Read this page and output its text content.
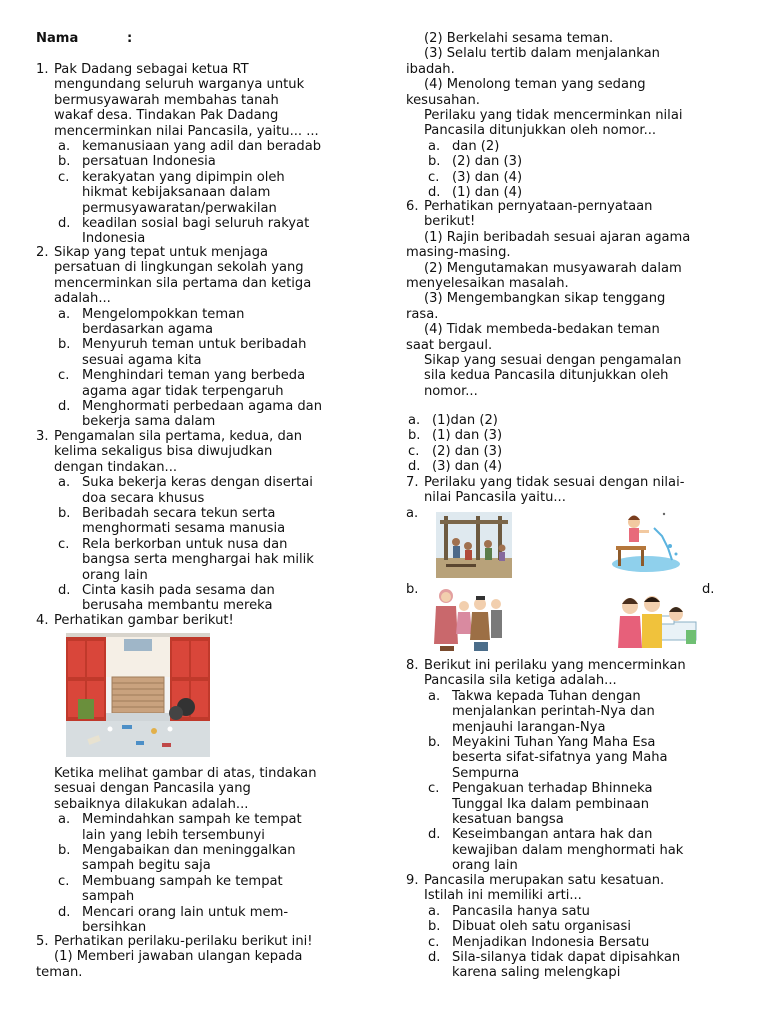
Nama	:
1. Pak Dadang sebagai ketua RT
mengundang seluruh warganya untuk
bermusyawarah membahas tanah
wakaf desa. Tindakan Pak Dadang
mencerminkan nilai Pancasila, yaitu... ...
a. kemanusiaan yang adil dan beradab
b. persatuan Indonesia
c. kerakyatan yang dipimpin oleh
hikmat kebijaksanaan dalam
permusyawaratan/perwakilan
d. keadilan sosial bagi seluruh rakyat
Indonesia
2. Sikap yang tepat untuk menjaga
persatuan di lingkungan sekolah yang
mencerminkan sila pertama dan ketiga
adalah...
a. Mengelompokkan teman
berdasarkan agama
b. Menyuruh teman untuk beribadah
sesuai agama kita
c. Menghindari teman yang berbeda
agama agar tidak terpengaruh
d. Menghormati perbedaan agama dan
bekerja sama dalam
3. Pengamalan sila pertama, kedua, dan
kelima sekaligus bisa diwujudkan
dengan tindakan...
a. Suka bekerja keras dengan disertai
doa secara khusus
b. Beribadah secara tekun serta
menghormati sesama manusia
c. Rela berkorban untuk nusa dan
bangsa serta menghargai hak milik
orang lain
d. Cinta kasih pada sesama dan
berusaha membantu mereka
4. Perhatikan gambar berikut!
Ketika melihat gambar di atas, tindakan
sesuai dengan Pancasila yang
sebaiknya dilakukan adalah...
a. Memindahkan sampah ke tempat
lain yang lebih tersembunyi
b. Mengabaikan dan meninggalkan
sampah begitu saja
c. Membuang sampah ke tempat
sampah
d. Mencari orang lain untuk mem-
bersihkan
5. Perhatikan perilaku-perilaku berikut ini!
(1) Memberi jawaban ulangan kepada
teman.
(2) Berkelahi sesama teman.
(3) Selalu tertib dalam menjalankan
ibadah.
(4) Menolong teman yang sedang
kesusahan.
Perilaku yang tidak mencerminkan nilai
Pancasila ditunjukkan oleh nomor...
a. dan (2)
b. (2) dan (3)
c. (3) dan (4)
d. (1) dan (4)
6. Perhatikan pernyataan-pernyataan
berikut!
(1) Rajin beribadah sesuai ajaran agama
masing-masing.
(2) Mengutamakan musyawarah dalam
menyelesaikan masalah.
(3) Mengembangkan sikap tenggang
rasa.
(4) Tidak membeda-bedakan teman
saat bergaul.
Sikap yang sesuai dengan pengamalan
sila kedua Pancasila ditunjukkan oleh
nomor...
a. (1)dan (2)
b. (1) dan (3)
c. (2) dan (3)
d. (3) dan (4)
7. Perilaku yang tidak sesuai dengan nilai-
nilai Pancasila yaitu...
a.
b.	d.
8. Berikut ini perilaku yang mencerminkan
Pancasila sila ketiga adalah...
a. Takwa kepada Tuhan dengan
menjalankan perintah-Nya dan
menjauhi larangan-Nya
b. Meyakini Tuhan Yang Maha Esa
beserta sifat-sifatnya yang Maha
Sempurna
c. Pengakuan terhadap Bhinneka
Tunggal Ika dalam pembinaan
kesatuan bangsa
d. Keseimbangan antara hak dan
kewajiban dalam menghormati hak
orang lain
9. Pancasila merupakan satu kesatuan.
Istilah ini memiliki arti...
a. Pancasila hanya satu
b. Dibuat oleh satu organisasi
c. Menjadikan Indonesia Bersatu
d. Sila-silanya tidak dapat dipisahkan
karena saling melengkapi
